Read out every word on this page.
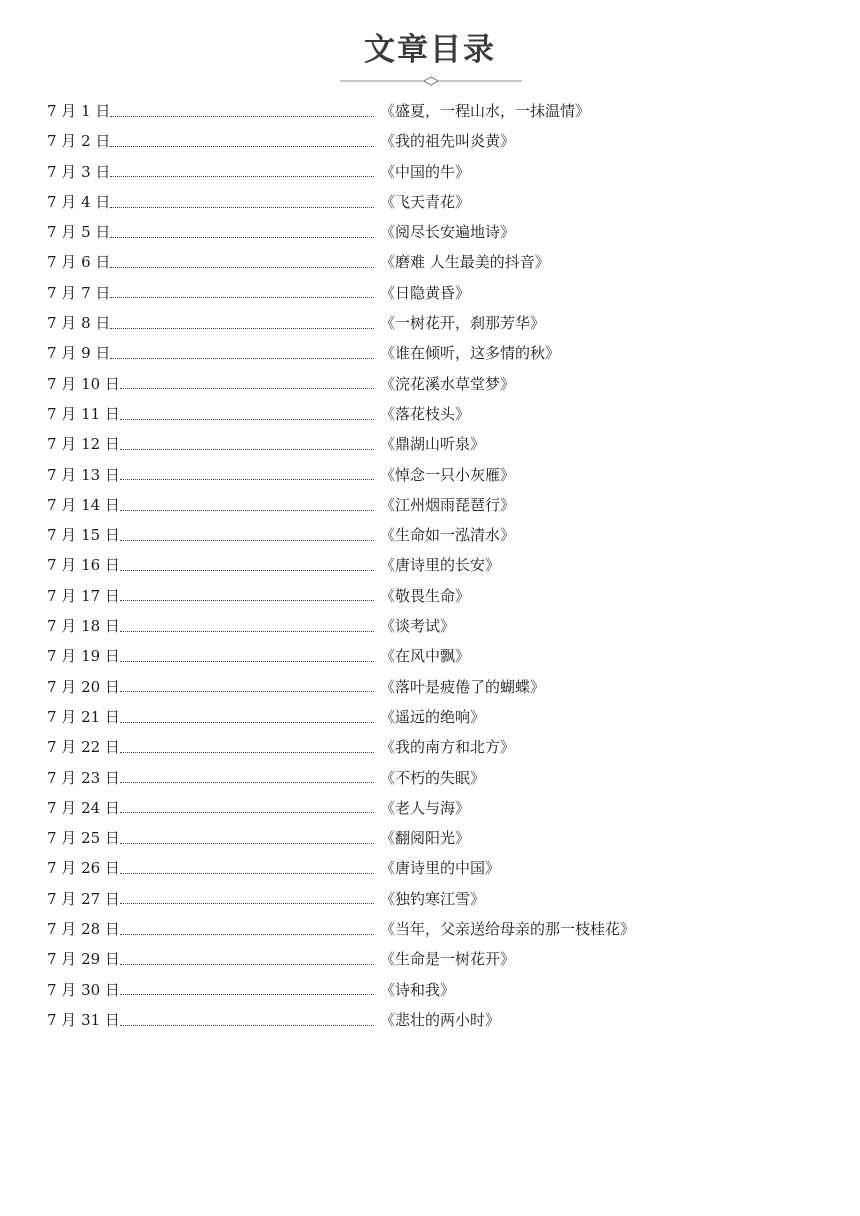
文章目录
7 月 1 日	《盛夏，一程山水，一抹温情》
7 月 2 日	《我的祖先叫炎黄》
7 月 3 日	《中国的牛》
7 月 4 日	《飞天青花》
7 月 5 日	《阅尽长安遍地诗》
7 月 6 日	《磨难 人生最美的抖音》
7 月 7 日	《日隐黄昏》
7 月 8 日	《一树花开，刹那芳华》
7 月 9 日	《谁在倾听，这多情的秋》
7 月 10 日	《浣花溪水草堂梦》
7 月 11 日	《落花枝头》
7 月 12 日	《鼎湖山听泉》
7 月 13 日	《悼念一只小灰雁》
7 月 14 日	《江州烟雨琵琶行》
7 月 15 日	《生命如一泓清水》
7 月 16 日	《唐诗里的长安》
7 月 17 日	《敬畏生命》
7 月 18 日	《谈考试》
7 月 19 日	《在风中飘》
7 月 20 日	《落叶是疲倦了的蝴蝶》
7 月 21 日	《遥远的绝响》
7 月 22 日	《我的南方和北方》
7 月 23 日	《不朽的失眠》
7 月 24 日	《老人与海》
7 月 25 日	《翻阅阳光》
7 月 26 日	《唐诗里的中国》
7 月 27 日	《独钓寒江雪》
7 月 28 日	《当年，父亲送给母亲的那一枝桂花》
7 月 29 日	《生命是一树花开》
7 月 30 日	《诗和我》
7 月 31 日	《悲壮的两小时》
